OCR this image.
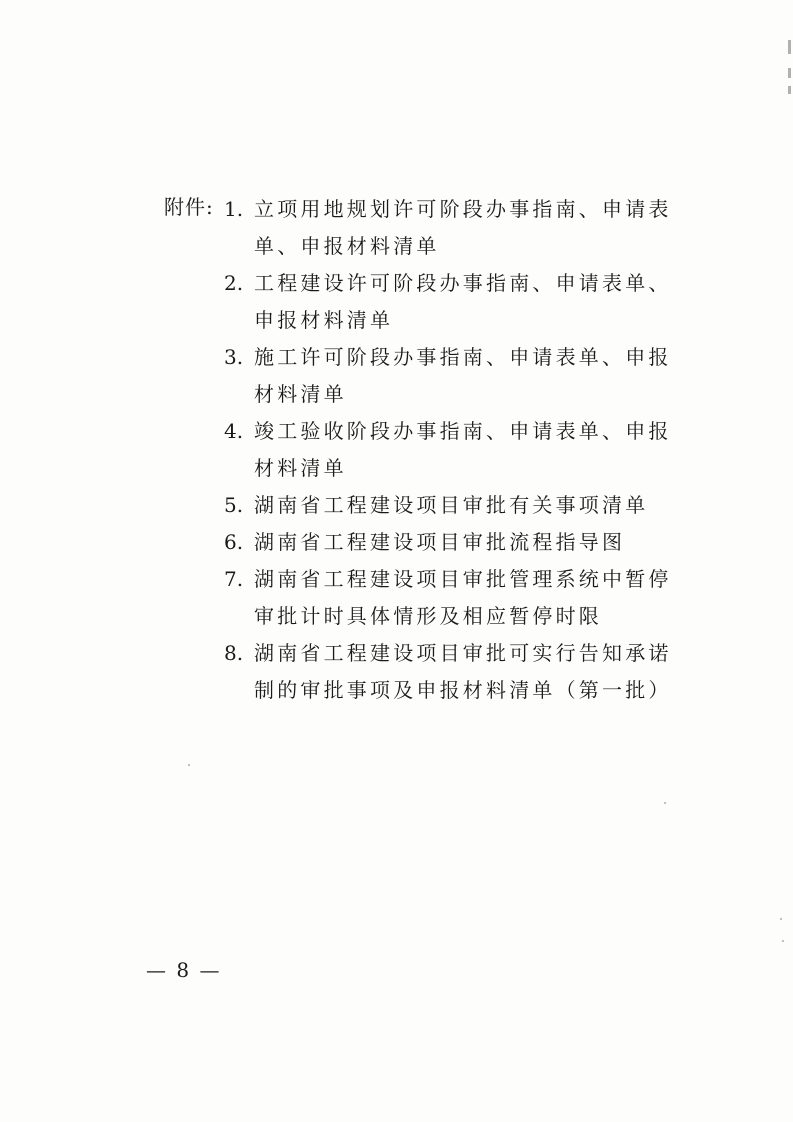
附件: 1. 立项用地规划许可阶段办事指南、申请表单、申报材料清单
2. 工程建设许可阶段办事指南、申请表单、申报材料清单
3. 施工许可阶段办事指南、申请表单、申报材料清单
4. 竣工验收阶段办事指南、申请表单、申报材料清单
5. 湖南省工程建设项目审批有关事项清单
6. 湖南省工程建设项目审批流程指导图
7. 湖南省工程建设项目审批管理系统中暂停审批计时具体情形及相应暂停时限
8. 湖南省工程建设项目审批可实行告知承诺制的审批事项及申报材料清单（第一批）
— 8 —
